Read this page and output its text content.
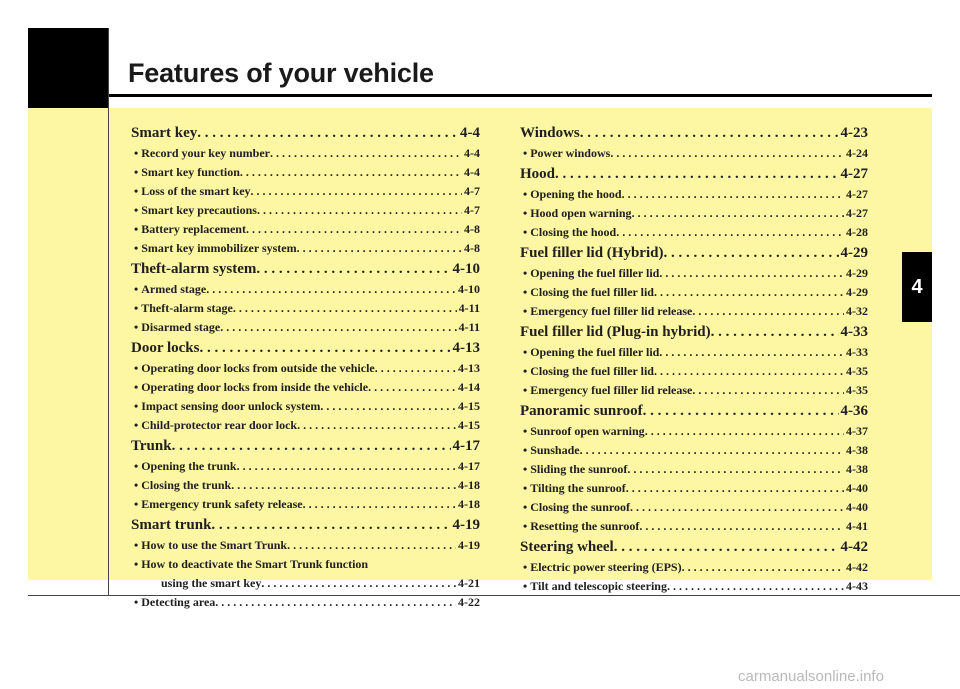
Features of your vehicle
4
Smart key . . .	4-4
• Record your key number . . .	4-4
• Smart key function . . .	4-4
• Loss of the smart key . . .	4-7
• Smart key precautions . . .	4-7
• Battery replacement . . .	4-8
• Smart key immobilizer system . . .	4-8
Theft-alarm system . . .	4-10
• Armed stage . . .	4-10
• Theft-alarm stage . . .	4-11
• Disarmed stage . . .	4-11
Door locks . . .	4-13
• Operating door locks from outside the vehicle . . .	4-13
• Operating door locks from inside the vehicle . . .	4-14
• Impact sensing door unlock system . . .	4-15
• Child-protector rear door lock . . .	4-15
Trunk . . .	4-17
• Opening the trunk . . .	4-17
• Closing the trunk . . .	4-18
• Emergency trunk safety release . . .	4-18
Smart trunk . . .	4-19
• How to use the Smart Trunk . . .	4-19
• How to deactivate the Smart Trunk function
using the smart key . . .	4-21
• Detecting area . . .	4-22
Windows . . .	4-23
• Power windows . . .	4-24
Hood . . .	4-27
• Opening the hood . . .	4-27
• Hood open warning . . .	4-27
• Closing the hood . . .	4-28
Fuel filler lid (Hybrid) . . .	4-29
• Opening the fuel filler lid . . .	4-29
• Closing the fuel filler lid . . .	4-29
• Emergency fuel filler lid release . . .	4-32
Fuel filler lid (Plug-in hybrid) . . .	4-33
• Opening the fuel filler lid . . .	4-33
• Closing the fuel filler lid . . .	4-35
• Emergency fuel filler lid release . . .	4-35
Panoramic sunroof . . .	4-36
• Sunroof open warning . . .	4-37
• Sunshade . . .	4-38
• Sliding the sunroof . . .	4-38
• Tilting the sunroof . . .	4-40
• Closing the sunroof . . .	4-40
• Resetting the sunroof . . .	4-41
Steering wheel . . .	4-42
• Electric power steering (EPS) . . .	4-42
• Tilt and telescopic steering . . .	4-43
carmanualsonline.info
